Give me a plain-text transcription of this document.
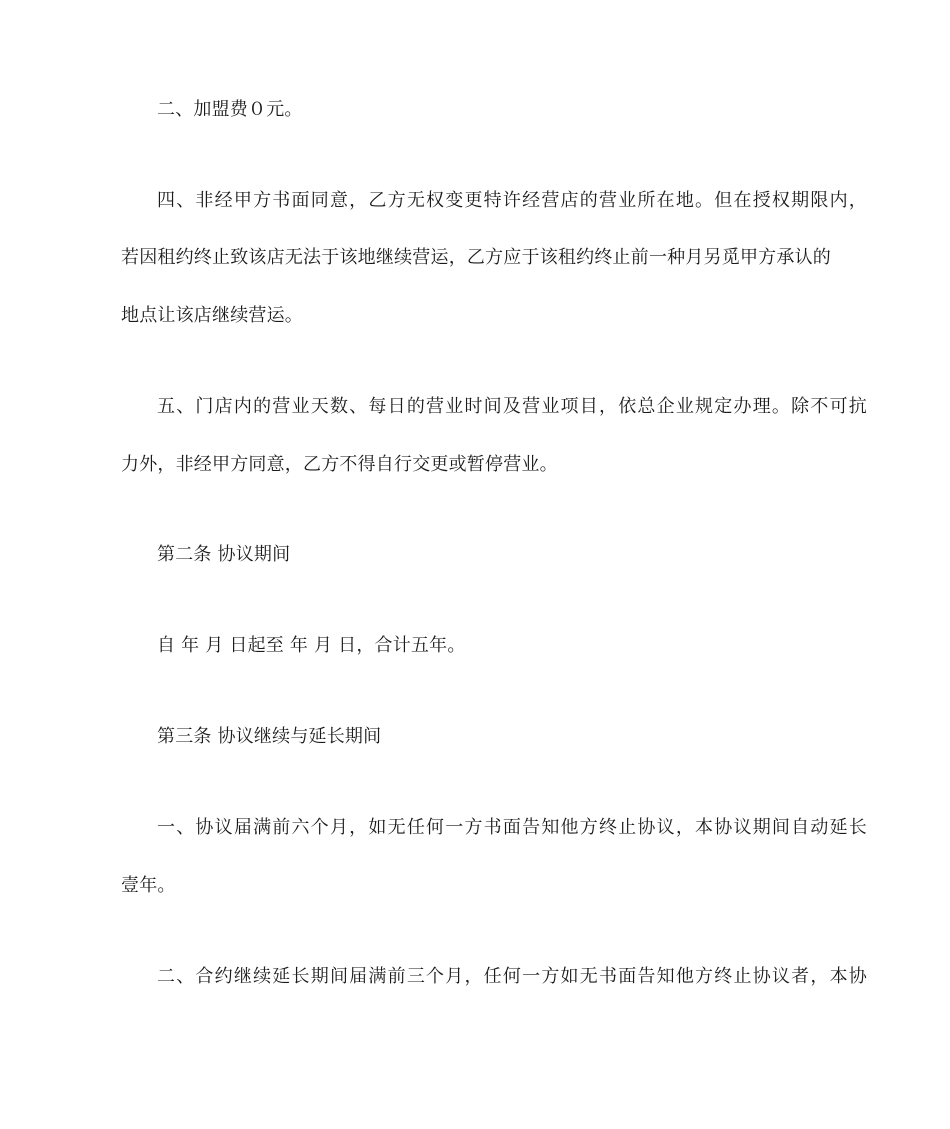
二、加盟费０元。
四、非经甲方书面同意，乙方无权变更特许经营店的营业所在地。但在授权期限内，
若因租约终止致该店无法于该地继续营运，乙方应于该租约终止前一种月另觅甲方承认的
地点让该店继续营运。
五、门店内的营业天数、每日的营业时间及营业项目，依总企业规定办理。除不可抗
力外，非经甲方同意，乙方不得自行交更或暂停营业。
第二条 协议期间
自 年 月 日起至 年 月 日，合计五年。
第三条 协议继续与延长期间
一、协议届满前六个月，如无任何一方书面告知他方终止协议，本协议期间自动延长
壹年。
二、合约继续延长期间届满前三个月，任何一方如无书面告知他方终止协议者，本协
